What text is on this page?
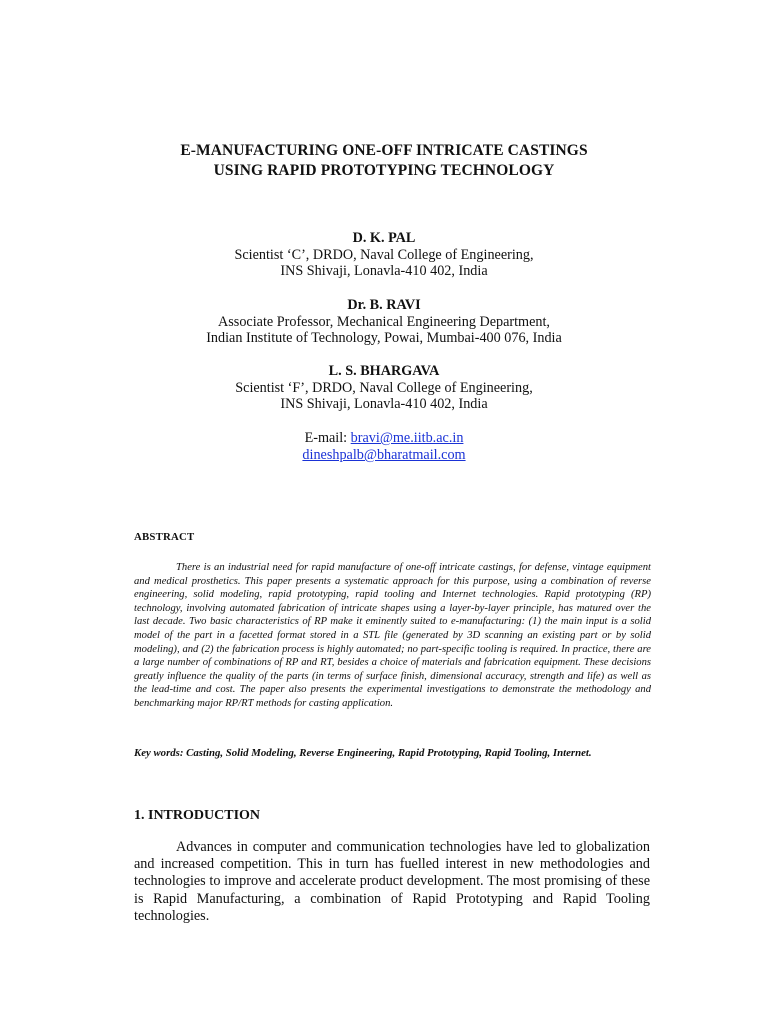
E-MANUFACTURING ONE-OFF INTRICATE CASTINGS
USING RAPID PROTOTYPING TECHNOLOGY
D. K. PAL
Scientist ‘C’, DRDO, Naval College of Engineering,
INS Shivaji, Lonavla-410 402, India
Dr. B. RAVI
Associate Professor, Mechanical Engineering Department,
Indian Institute of Technology, Powai, Mumbai-400 076, India
L. S. BHARGAVA
Scientist ‘F’, DRDO, Naval College of Engineering,
INS Shivaji, Lonavla-410 402, India
E-mail: bravi@me.iitb.ac.in
dineshpalb@bharatmail.com
ABSTRACT
There is an industrial need for rapid manufacture of one-off intricate castings, for defense, vintage equipment and medical prosthetics. This paper presents a systematic approach for this purpose, using a combination of reverse engineering, solid modeling, rapid prototyping, rapid tooling and Internet technologies. Rapid prototyping (RP) technology, involving automated fabrication of intricate shapes using a layer-by-layer principle, has matured over the last decade. Two basic characteristics of RP make it eminently suited to e-manufacturing: (1) the main input is a solid model of the part in a facetted format stored in a STL file (generated by 3D scanning an existing part or by solid modeling), and (2) the fabrication process is highly automated; no part-specific tooling is required. In practice, there are a large number of combinations of RP and RT, besides a choice of materials and fabrication equipment. These decisions greatly influence the quality of the parts (in terms of surface finish, dimensional accuracy, strength and life) as well as the lead-time and cost. The paper also presents the experimental investigations to demonstrate the methodology and benchmarking major RP/RT methods for casting application.
Key words: Casting, Solid Modeling, Reverse Engineering, Rapid Prototyping, Rapid Tooling, Internet.
1. INTRODUCTION
Advances in computer and communication technologies have led to globalization and increased competition. This in turn has fuelled interest in new methodologies and technologies to improve and accelerate product development. The most promising of these is Rapid Manufacturing, a combination of Rapid Prototyping and Rapid Tooling technologies.
